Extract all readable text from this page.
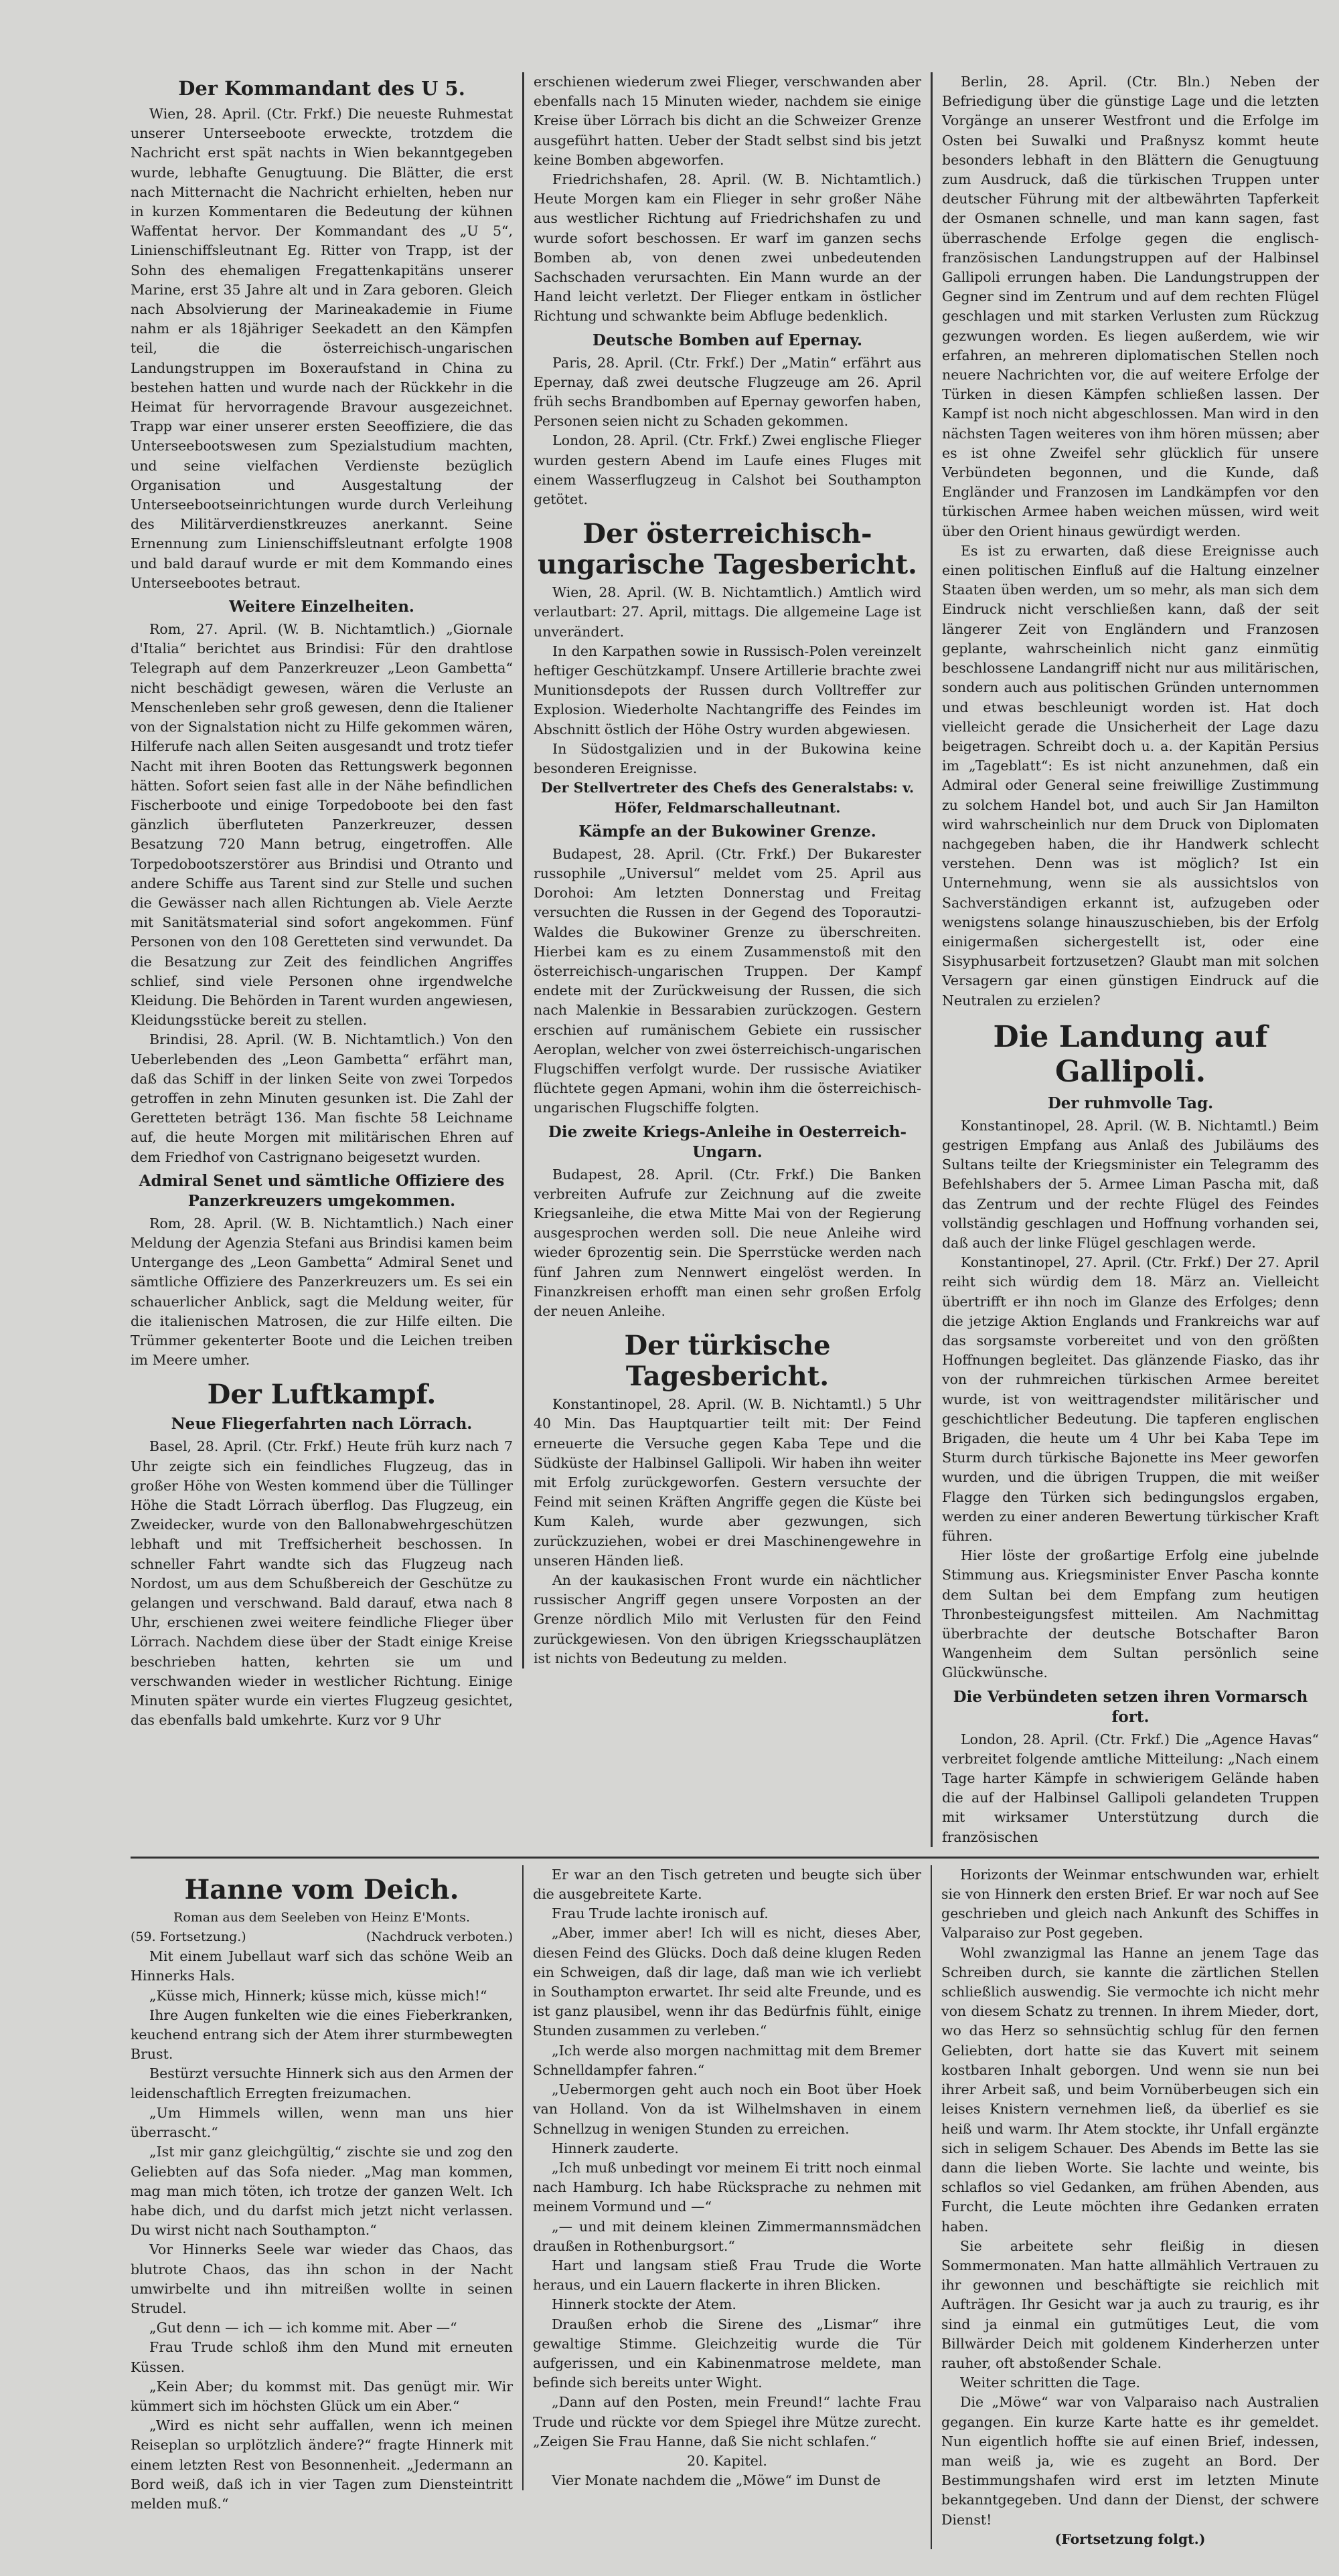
Der Kommandant des U 5.

Wien, 28. April. (Ctr. Frkf.) Die neueste Ruhmestat unserer Unterseeboote erweckte, trotzdem die Nachricht erst spät nachts in Wien bekanntgegeben wurde, lebhafte Genugtuung. Die Blätter, die erst nach Mitternacht die Nachricht erhielten, heben nur in kurzen Kommentaren die Bedeutung der kühnen Waffentat hervor. Der Kommandant des „U 5“, Linienschiffsleutnant Eg. Ritter von Trapp, ist der Sohn des ehemaligen Fregattenkapitäns unserer Marine, erst 35 Jahre alt und in Zara geboren. Gleich nach Absolvierung der Marineakademie in Fiume nahm er als 18jähriger Seekadett an den Kämpfen teil, die die österreichisch-ungarischen Landungstruppen im Boxeraufstand in China zu bestehen hatten und wurde nach der Rückkehr in die Heimat für hervorragende Bravour ausgezeichnet. Trapp war einer unserer ersten Seeoffiziere, die das Unterseebootswesen zum Spezialstudium machten, und seine vielfachen Verdienste bezüglich Organisation und Ausgestaltung der Unterseebootseinrichtungen wurde durch Verleihung des Militärverdienstkreuzes anerkannt. Seine Ernennung zum Linienschiffsleutnant erfolgte 1908 und bald darauf wurde er mit dem Kommando eines Unterseebootes betraut.

Weitere Einzelheiten.

Rom, 27. April. (W. B. Nichtamtlich.) „Giornale d'Italia“ berichtet aus Brindisi: Für den drahtlose Telegraph auf dem Panzerkreuzer „Leon Gambetta“ nicht beschädigt gewesen, wären die Verluste an Menschenleben sehr groß gewesen, denn die Italiener von der Signalstation nicht zu Hilfe gekommen wären, Hilferufe nach allen Seiten ausgesandt und trotz tiefer Nacht mit ihren Booten das Rettungswerk begonnen hätten. Sofort seien fast alle in der Nähe befindlichen Fischerboote und einige Torpedoboote bei den fast gänzlich überfluteten Panzerkreuzer, dessen Besatzung 720 Mann betrug, eingetroffen. Alle Torpedobootszerstörer aus Brindisi und Otranto und andere Schiffe aus Tarent sind zur Stelle und suchen die Gewässer nach allen Richtungen ab. Viele Aerzte mit Sanitätsmaterial sind sofort angekommen. Fünf Personen von den 108 Geretteten sind verwundet. Da die Besatzung zur Zeit des feindlichen Angriffes schlief, sind viele Personen ohne irgendwelche Kleidung. Die Behörden in Tarent wurden angewiesen, Kleidungsstücke bereit zu stellen.

Brindisi, 28. April. (W. B. Nichtamtlich.) Von den Ueberlebenden des „Leon Gambetta“ erfährt man, daß das Schiff in der linken Seite von zwei Torpedos getroffen in zehn Minuten gesunken ist. Die Zahl der Geretteten beträgt 136. Man fischte 58 Leichname auf, die heute Morgen mit militärischen Ehren auf dem Friedhof von Castrignano beigesetzt wurden.

Admiral Senet und sämtliche Offiziere des Panzerkreuzers umgekommen.

Rom, 28. April. (W. B. Nichtamtlich.) Nach einer Meldung der Agenzia Stefani aus Brindisi kamen beim Untergange des „Leon Gambetta“ Admiral Senet und sämtliche Offiziere des Panzerkreuzers um. Es sei ein schauerlicher Anblick, sagt die Meldung weiter, für die italienischen Matrosen, die zur Hilfe eilten. Die Trümmer gekenterter Boote und die Leichen treiben im Meere umher.

Der Luftkampf.
Neue Fliegerfahrten nach Lörrach.

Basel, 28. April. (Ctr. Frkf.) Heute früh kurz nach 7 Uhr zeigte sich ein feindliches Flugzeug, das in großer Höhe von Westen kommend über die Tüllinger Höhe die Stadt Lörrach überflog. Das Flugzeug, ein Zweidecker, wurde von den Ballonabwehrgeschützen lebhaft und mit Treffsicherheit beschossen. In schneller Fahrt wandte sich das Flugzeug nach Nordost, um aus dem Schußbereich der Geschütze zu gelangen und verschwand. Bald darauf, etwa nach 8 Uhr, erschienen zwei weitere feindliche Flieger über Lörrach. Nachdem diese über der Stadt einige Kreise beschrieben hatten, kehrten sie um und verschwanden wieder in westlicher Richtung. Einige Minuten später wurde ein viertes Flugzeug gesichtet, das ebenfalls bald umkehrte. Kurz vor 9 Uhr

erschienen wiederum zwei Flieger, verschwanden aber ebenfalls nach 15 Minuten wieder, nachdem sie einige Kreise über Lörrach bis dicht an die Schweizer Grenze ausgeführt hatten. Ueber der Stadt selbst sind bis jetzt keine Bomben abgeworfen.

Friedrichshafen, 28. April. (W. B. Nichtamtlich.) Heute Morgen kam ein Flieger in sehr großer Nähe aus westlicher Richtung auf Friedrichshafen zu und wurde sofort beschossen. Er warf im ganzen sechs Bomben ab, von denen zwei unbedeutenden Sachschaden verursachten. Ein Mann wurde an der Hand leicht verletzt. Der Flieger entkam in östlicher Richtung und schwankte beim Abfluge bedenklich.

Deutsche Bomben auf Epernay.

Paris, 28. April. (Ctr. Frkf.) Der „Matin“ erfährt aus Epernay, daß zwei deutsche Flugzeuge am 26. April früh sechs Brandbomben auf Epernay geworfen haben, Personen seien nicht zu Schaden gekommen.

London, 28. April. (Ctr. Frkf.) Zwei englische Flieger wurden gestern Abend im Laufe eines Fluges mit einem Wasserflugzeug in Calshot bei Southampton getötet.

Der österreichisch-ungarische Tagesbericht.

Wien, 28. April. (W. B. Nichtamtlich.) Amtlich wird verlautbart: 27. April, mittags. Die allgemeine Lage ist unverändert.

In den Karpathen sowie in Russisch-Polen vereinzelt heftiger Geschützkampf. Unsere Artillerie brachte zwei Munitionsdepots der Russen durch Volltreffer zur Explosion. Wiederholte Nachtangriffe des Feindes im Abschnitt östlich der Höhe Ostry wurden abgewiesen.

In Südostgalizien und in der Bukowina keine besonderen Ereignisse.

Der Stellvertreter des Chefs des Generalstabs: v. Höfer, Feldmarschalleutnant.

Kämpfe an der Bukowiner Grenze.

Budapest, 28. April. (Ctr. Frkf.) Der Bukarester russophile „Universul“ meldet vom 25. April aus Dorohoi: Am letzten Donnerstag und Freitag versuchten die Russen in der Gegend des Toporautzi-Waldes die Bukowiner Grenze zu überschreiten. Hierbei kam es zu einem Zusammenstoß mit den österreichisch-ungarischen Truppen. Der Kampf endete mit der Zurückweisung der Russen, die sich nach Malenkie in Bessarabien zurückzogen. Gestern erschien auf rumänischem Gebiete ein russischer Aeroplan, welcher von zwei österreichisch-ungarischen Flugschiffen verfolgt wurde. Der russische Aviatiker flüchtete gegen Apmani, wohin ihm die österreichisch-ungarischen Flugschiffe folgten.

Die zweite Kriegs-Anleihe in Oesterreich-Ungarn.

Budapest, 28. April. (Ctr. Frkf.) Die Banken verbreiten Aufrufe zur Zeichnung auf die zweite Kriegsanleihe, die etwa Mitte Mai von der Regierung ausgesprochen werden soll. Die neue Anleihe wird wieder 6prozentig sein. Die Sperrstücke werden nach fünf Jahren zum Nennwert eingelöst werden. In Finanzkreisen erhofft man einen sehr großen Erfolg der neuen Anleihe.

Der türkische Tagesbericht.

Konstantinopel, 28. April. (W. B. Nichtamtl.) 5 Uhr 40 Min. Das Hauptquartier teilt mit: Der Feind erneuerte die Versuche gegen Kaba Tepe und die Südküste der Halbinsel Gallipoli. Wir haben ihn weiter mit Erfolg zurückgeworfen. Gestern versuchte der Feind mit seinen Kräften Angriffe gegen die Küste bei Kum Kaleh, wurde aber gezwungen, sich zurückzuziehen, wobei er drei Maschinengewehre in unseren Händen ließ.

An der kaukasischen Front wurde ein nächtlicher russischer Angriff gegen unsere Vorposten an der Grenze nördlich Milo mit Verlusten für den Feind zurückgewiesen. Von den übrigen Kriegsschauplätzen ist nichts von Bedeutung zu melden.

Berlin, 28. April. (Ctr. Bln.) Neben der Befriedigung über die günstige Lage und die letzten Vorgänge an unserer Westfront und die Erfolge im Osten bei Suwalki und Praßnysz kommt heute besonders lebhaft in den Blättern die Genugtuung zum Ausdruck, daß die türkischen Truppen unter deutscher Führung mit der altbewährten Tapferkeit der Osmanen schnelle, und man kann sagen, fast überraschende Erfolge gegen die englisch-französischen Landungstruppen auf der Halbinsel Gallipoli errungen haben. Die Landungstruppen der Gegner sind im Zentrum und auf dem rechten Flügel geschlagen und mit starken Verlusten zum Rückzug gezwungen worden. Es liegen außerdem, wie wir erfahren, an mehreren diplomatischen Stellen noch neuere Nachrichten vor, die auf weitere Erfolge der Türken in diesen Kämpfen schließen lassen. Der Kampf ist noch nicht abgeschlossen. Man wird in den nächsten Tagen weiteres von ihm hören müssen; aber es ist ohne Zweifel sehr glücklich für unsere Verbündeten begonnen, und die Kunde, daß Engländer und Franzosen im Landkämpfen vor den türkischen Armee haben weichen müssen, wird weit über den Orient hinaus gewürdigt werden.

Es ist zu erwarten, daß diese Ereignisse auch einen politischen Einfluß auf die Haltung einzelner Staaten üben werden, um so mehr, als man sich dem Eindruck nicht verschließen kann, daß der seit längerer Zeit von Engländern und Franzosen geplante, wahrscheinlich nicht ganz einmütig beschlossene Landangriff nicht nur aus militärischen, sondern auch aus politischen Gründen unternommen und etwas beschleunigt worden ist. Hat doch vielleicht gerade die Unsicherheit der Lage dazu beigetragen. Schreibt doch u. a. der Kapitän Persius im „Tageblatt“: Es ist nicht anzunehmen, daß ein Admiral oder General seine freiwillige Zustimmung zu solchem Handel bot, und auch Sir Jan Hamilton wird wahrscheinlich nur dem Druck von Diplomaten nachgegeben haben, die ihr Handwerk schlecht verstehen. Denn was ist möglich? Ist ein Unternehmung, wenn sie als aussichtslos von Sachverständigen erkannt ist, aufzugeben oder wenigstens solange hinauszuschieben, bis der Erfolg einigermaßen sichergestellt ist, oder eine Sisyphusarbeit fortzusetzen? Glaubt man mit solchen Versagern gar einen günstigen Eindruck auf die Neutralen zu erzielen?

Die Landung auf Gallipoli.
Der ruhmvolle Tag.

Konstantinopel, 28. April. (W. B. Nichtamtl.) Beim gestrigen Empfang aus Anlaß des Jubiläums des Sultans teilte der Kriegsminister ein Telegramm des Befehlshabers der 5. Armee Liman Pascha mit, daß das Zentrum und der rechte Flügel des Feindes vollständig geschlagen und Hoffnung vorhanden sei, daß auch der linke Flügel geschlagen werde.

Konstantinopel, 27. April. (Ctr. Frkf.) Der 27. April reiht sich würdig dem 18. März an. Vielleicht übertrifft er ihn noch im Glanze des Erfolges; denn die jetzige Aktion Englands und Frankreichs war auf das sorgsamste vorbereitet und von den größten Hoffnungen begleitet. Das glänzende Fiasko, das ihr von der ruhmreichen türkischen Armee bereitet wurde, ist von weittragendster militärischer und geschichtlicher Bedeutung. Die tapferen englischen Brigaden, die heute um 4 Uhr bei Kaba Tepe im Sturm durch türkische Bajonette ins Meer geworfen wurden, und die übrigen Truppen, die mit weißer Flagge den Türken sich bedingungslos ergaben, werden zu einer anderen Bewertung türkischer Kraft führen.

Hier löste der großartige Erfolg eine jubelnde Stimmung aus. Kriegsminister Enver Pascha konnte dem Sultan bei dem Empfang zum heutigen Thronbesteigungsfest mitteilen. Am Nachmittag überbrachte der deutsche Botschafter Baron Wangenheim dem Sultan persönlich seine Glückwünsche.

Die Verbündeten setzen ihren Vormarsch fort.

London, 28. April. (Ctr. Frkf.) Die „Agence Havas“ verbreitet folgende amtliche Mitteilung: „Nach einem Tage harter Kämpfe in schwierigem Gelände haben die auf der Halbinsel Gallipoli gelandeten Truppen mit wirksamer Unterstützung durch die französischen

Hanne vom Deich.

Roman aus dem Seeleben von Heinz E'Monts.

(59. Fortsetzung.)	(Nachdruck verboten.)

Mit einem Jubellaut warf sich das schöne Weib an Hinnerks Hals.

„Küsse mich, Hinnerk; küsse mich, küsse mich!“

Ihre Augen funkelten wie die eines Fieberkranken, keuchend entrang sich der Atem ihrer sturmbewegten Brust.

Bestürzt versuchte Hinnerk sich aus den Armen der leidenschaftlich Erregten freizumachen.

„Um Himmels willen, wenn man uns hier überrascht.“

„Ist mir ganz gleichgültig,“ zischte sie und zog den Geliebten auf das Sofa nieder. „Mag man kommen, mag man mich töten, ich trotze der ganzen Welt. Ich habe dich, und du darfst mich jetzt nicht verlassen. Du wirst nicht nach Southampton.“

Vor Hinnerks Seele war wieder das Chaos, das blutrote Chaos, das ihn schon in der Nacht umwirbelte und ihn mitreißen wollte in seinen Strudel.

„Gut denn — ich — ich komme mit. Aber —“

Frau Trude schloß ihm den Mund mit erneuten Küssen.

„Kein Aber; du kommst mit. Das genügt mir. Wir kümmert sich im höchsten Glück um ein Aber.“

„Wird es nicht sehr auffallen, wenn ich meinen Reiseplan so urplötzlich ändere?“ fragte Hinnerk mit einem letzten Rest von Besonnenheit. „Jedermann an Bord weiß, daß ich in vier Tagen zum Diensteintritt melden muß.“

Er war an den Tisch getreten und beugte sich über die ausgebreitete Karte.

Frau Trude lachte ironisch auf.

„Aber, immer aber! Ich will es nicht, dieses Aber, diesen Feind des Glücks. Doch daß deine klugen Reden ein Schweigen, daß dir lage, daß man wie ich verliebt in Southampton erwartet. Ihr seid alte Freunde, und es ist ganz plausibel, wenn ihr das Bedürfnis fühlt, einige Stunden zusammen zu verleben.“

„Ich werde also morgen nachmittag mit dem Bremer Schnelldampfer fahren.“

„Uebermorgen geht auch noch ein Boot über Hoek van Holland. Von da ist Wilhelmshaven in einem Schnellzug in wenigen Stunden zu erreichen.

Hinnerk zauderte.

„Ich muß unbedingt vor meinem Ei tritt noch einmal nach Hamburg. Ich habe Rücksprache zu nehmen mit meinem Vormund und —“

„— und mit deinem kleinen Zimmermannsmädchen draußen in Rothenburgsort.“

Hart und langsam stieß Frau Trude die Worte heraus, und ein Lauern flackerte in ihren Blicken.

Hinnerk stockte der Atem.

Draußen erhob die Sirene des „Lismar“ ihre gewaltige Stimme. Gleichzeitig wurde die Tür aufgerissen, und ein Kabinenmatrose meldete, man befinde sich bereits unter Wight.

„Dann auf den Posten, mein Freund!“ lachte Frau Trude und rückte vor dem Spiegel ihre Mütze zurecht. „Zeigen Sie Frau Hanne, daß Sie nicht schlafen.“

20. Kapitel.

Vier Monate nachdem die „Möwe“ im Dunst de

Horizonts der Weinmar entschwunden war, erhielt sie von Hinnerk den ersten Brief. Er war noch auf See geschrieben und gleich nach Ankunft des Schiffes in Valparaiso zur Post gegeben.

Wohl zwanzigmal las Hanne an jenem Tage das Schreiben durch, sie kannte die zärtlichen Stellen schließlich auswendig. Sie vermochte ich nicht mehr von diesem Schatz zu trennen. In ihrem Mieder, dort, wo das Herz so sehnsüchtig schlug für den fernen Geliebten, dort hatte sie das Kuvert mit seinem kostbaren Inhalt geborgen. Und wenn sie nun bei ihrer Arbeit saß, und beim Vornüberbeugen sich ein leises Knistern vernehmen ließ, da überlief es sie heiß und warm. Ihr Atem stockte, ihr Unfall ergänzte sich in seligem Schauer. Des Abends im Bette las sie dann die lieben Worte. Sie lachte und weinte, bis schlaflos so viel Gedanken, am frühen Abenden, aus Furcht, die Leute möchten ihre Gedanken erraten haben.

Sie arbeitete sehr fleißig in diesen Sommermonaten. Man hatte allmählich Vertrauen zu ihr gewonnen und beschäftigte sie reichlich mit Aufträgen. Ihr Gesicht war ja auch zu traurig, es ihr sind ja einmal ein gutmütiges Leut, die vom Billwärder Deich mit goldenem Kinderherzen unter rauher, oft abstoßender Schale.

Weiter schritten die Tage.

Die „Möwe“ war von Valparaiso nach Australien gegangen. Ein kurze Karte hatte es ihr gemeldet. Nun eigentlich hoffte sie auf einen Brief, indessen, man weiß ja, wie es zugeht an Bord. Der Bestimmungshafen wird erst im letzten Minute bekanntgegeben. Und dann der Dienst, der schwere Dienst!

(Fortsetzung folgt.)
